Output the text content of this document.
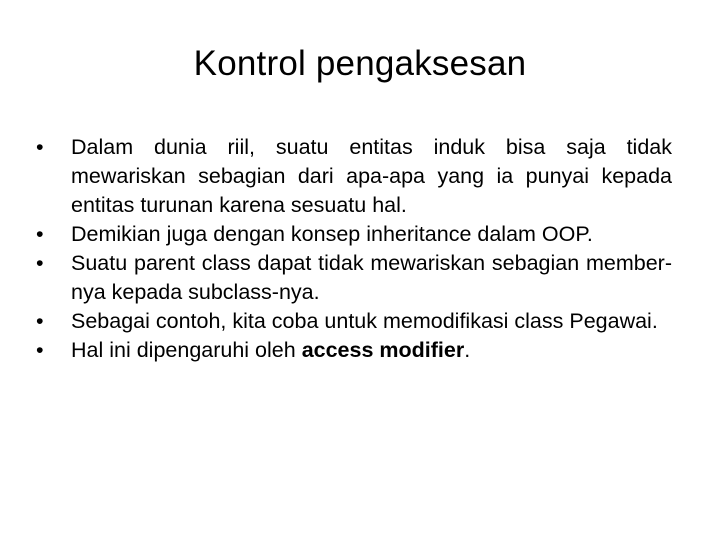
Kontrol pengaksesan
•	Dalam dunia riil, suatu entitas induk bisa saja tidak mewariskan sebagian dari apa-apa yang ia punyai kepada entitas turunan karena sesuatu hal.
•	Demikian juga dengan konsep inheritance dalam OOP.
•	Suatu parent class dapat tidak mewariskan sebagian member-nya kepada subclass-nya.
•	Sebagai contoh, kita coba untuk memodifikasi class Pegawai.
•	Hal ini dipengaruhi oleh access modifier.
